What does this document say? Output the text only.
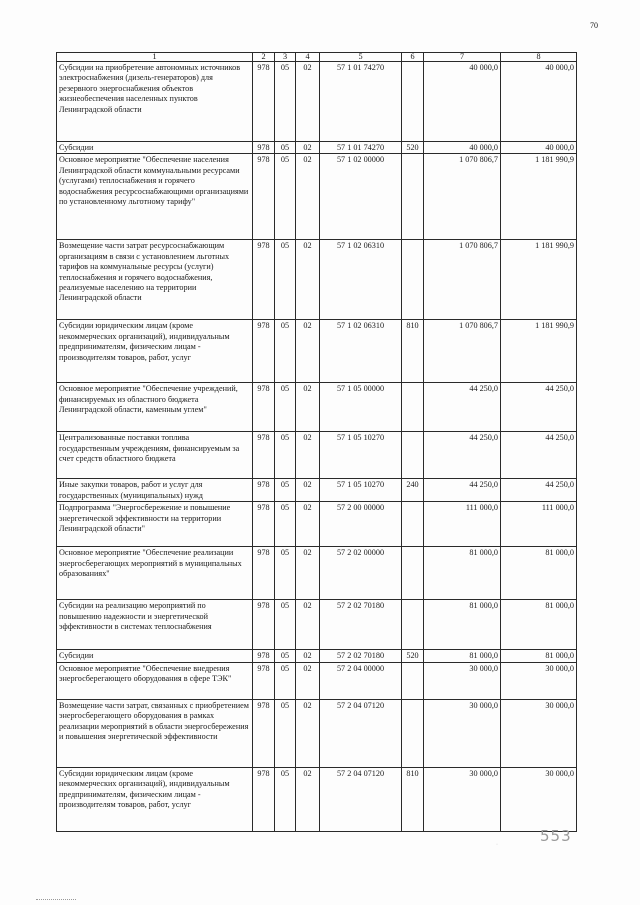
70
1	2	3	4	5	6	7	8
Субсидии на приобретение автономных источников электроснабжения (дизель-генераторов) для резервного энергоснабжения объектов жизнеобеспечения населенных пунктов Ленинградской области	978	05	02	57 1 01 74270		40 000,0	40 000,0
Субсидии	978	05	02	57 1 01 74270	520	40 000,0	40 000,0
Основное мероприятие "Обеспечение населения Ленинградской области коммунальными ресурсами (услугами) теплоснабжения и горячего водоснабжения ресурсоснабжающими организациями по установленному льготному тарифу"	978	05	02	57 1 02 00000		1 070 806,7	1 181 990,9
Возмещение части затрат ресурсоснабжающим организациям в связи с установлением льготных тарифов на коммунальные ресурсы (услуги) теплоснабжения и горячего водоснабжения, реализуемые населению на территории Ленинградской области	978	05	02	57 1 02 06310		1 070 806,7	1 181 990,9
Субсидии юридическим лицам (кроме некоммерческих организаций), индивидуальным предпринимателям, физическим лицам - производителям товаров, работ, услуг	978	05	02	57 1 02 06310	810	1 070 806,7	1 181 990,9
Основное мероприятие "Обеспечение учреждений, финансируемых из областного бюджета Ленинградской области, каменным углем"	978	05	02	57 1 05 00000		44 250,0	44 250,0
Централизованные поставки топлива государственным учреждениям, финансируемым за счет средств областного бюджета	978	05	02	57 1 05 10270		44 250,0	44 250,0
Иные закупки товаров, работ и услуг для государственных (муниципальных) нужд	978	05	02	57 1 05 10270	240	44 250,0	44 250,0
Подпрограмма "Энергосбережение и повышение энергетической эффективности на территории Ленинградской области"	978	05	02	57 2 00 00000		111 000,0	111 000,0
Основное мероприятие "Обеспечение реализации энергосберегающих мероприятий в муниципальных образованиях"	978	05	02	57 2 02 00000		81 000,0	81 000,0
Субсидии на реализацию мероприятий по повышению надежности и энергетической эффективности в системах теплоснабжения	978	05	02	57 2 02 70180		81 000,0	81 000,0
Субсидии	978	05	02	57 2 02 70180	520	81 000,0	81 000,0
Основное мероприятие "Обеспечение внедрения энергосберегающего оборудования в сфере ТЭК"	978	05	02	57 2 04 00000		30 000,0	30 000,0
Возмещение части затрат, связанных с приобретением энергосберегающего оборудования в рамках реализации мероприятий в области энергосбережения и повышения энергетической эффективности	978	05	02	57 2 04 07120		30 000,0	30 000,0
Субсидии юридическим лицам (кроме некоммерческих организаций), индивидуальным предпринимателям, физическим лицам - производителям товаров, работ, услуг	978	05	02	57 2 04 07120	810	30 000,0	30 000,0
553
·
